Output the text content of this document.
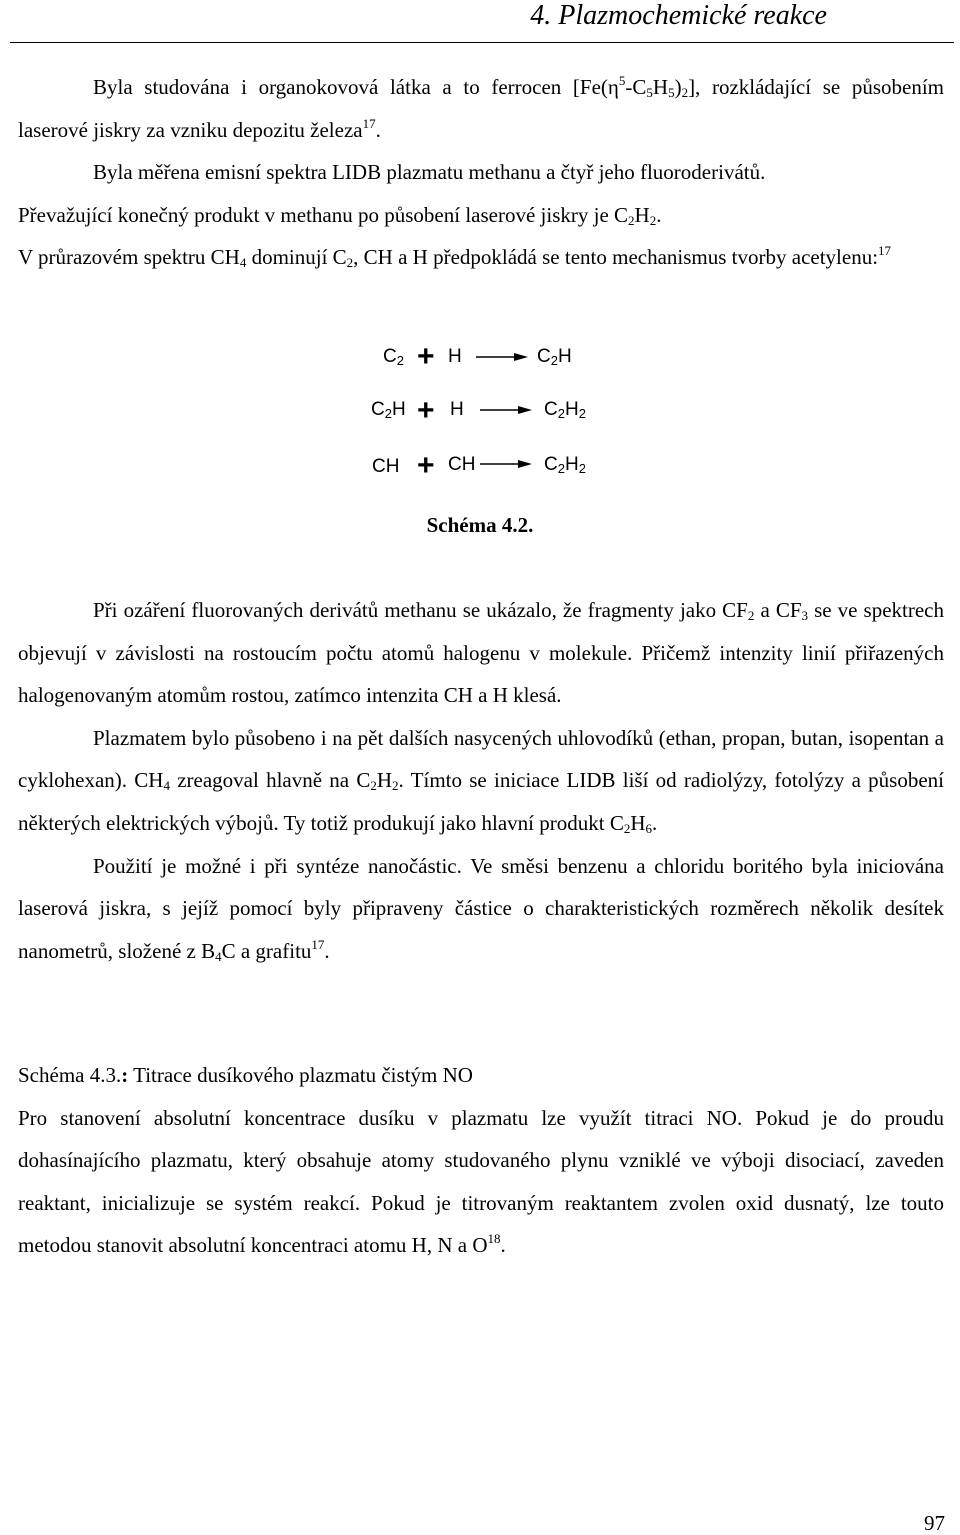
4. Plazmochemické reakce

Byla studována i organokovová látka a to ferrocen $[Fe(\eta^5-C_5H_5)_2]$, rozkládající se působením laserové jiskry za vzniku depozitu železa$^{17}$.

Byla měřena emisní spektra LIDB plazmatu methanu a čtyř jeho fluoroderivátů.

Převažující konečný produkt v methanu po působení laserové jiskry je $C_2H_2$.

V průrazovém spektru $CH_4$ dominují $C_2$, CH a H předpokládá se tento mechanismus tvorby acetylenu:$^{17}$

$C_2 + H \to C_2H$
$C_2H + H \to C_2H_2$
CH + CH → $C_2H_2$
Schéma 4.2.

Při ozáření fluorovaných derivátů methanu se ukázalo, že fragmenty jako $CF_2$ a $CF_3$ se ve spektrech objevují v závislosti na rostoucím počtu atomů halogenu v molekule. Přičemž intenzity linií přiřazených halogenovaným atomům rostou, zatímco intenzita CH a H klesá.

Plazmatem bylo působeno i na pět dalších nasycených uhlovodíků (ethan, propan, butan, isopentan a cyklohexan). $CH_4$ zreagoval hlavně na $C_2H_2$. Tímto se iniciace LIDB liší od radiolýzy, fotolýzy a působení některých elektrických výbojů. Ty totiž produkují jako hlavní produkt $C_2H_6$.

Použití je možné i při syntéze nanočástic. Ve směsi benzenu a chloridu boritého byla iniciována laserová jiskra, s jejíž pomocí byly připraveny částice o charakteristických rozměrech několik desítek nanometrů, složené z $B_4C$ a grafitu$^{17}$.

Schéma 4.3.: Titrace dusíkového plazmatu čistým NO

Pro stanovení absolutní koncentrace dusíku v plazmatu lze využít titraci NO. Pokud je do proudu dohasínajícího plazmatu, který obsahuje atomy studovaného plynu vzniklé ve výboji disociací, zaveden reaktant, inicializuje se systém reakcí. Pokud je titrovaným reaktantem zvolen oxid dusnatý, lze touto metodou stanovit absolutní koncentraci atomu H, N a $O^{18}$.

97
